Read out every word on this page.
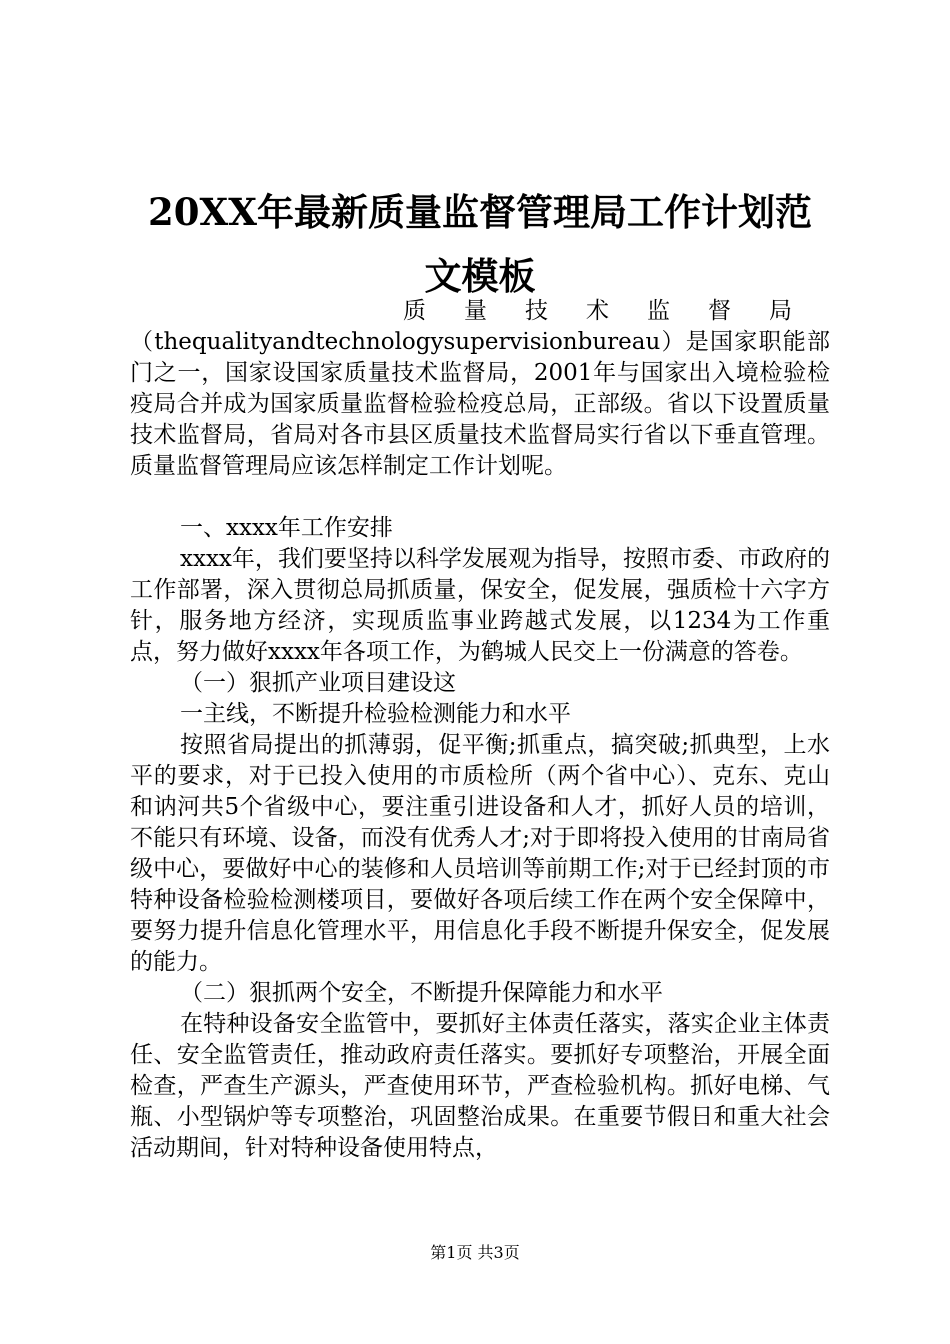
20XX年最新质量监督管理局工作计划范文模板

质量技术监督局（thequalityandtechnologysupervisionbureau）是国家职能部门之一，国家设国家质量技术监督局，2001年与国家出入境检验检疫局合并成为国家质量监督检验检疫总局，正部级。省以下设置质量技术监督局，省局对各市县区质量技术监督局实行省以下垂直管理。质量监督管理局应该怎样制定工作计划呢。

一、xxxx年工作安排

xxxx年，我们要坚持以科学发展观为指导，按照市委、市政府的工作部署，深入贯彻总局抓质量，保安全，促发展，强质检十六字方针，服务地方经济，实现质监事业跨越式发展，以1234为工作重点，努力做好xxxx年各项工作，为鹤城人民交上一份满意的答卷。

（一）狠抓产业项目建设这

一主线，不断提升检验检测能力和水平

按照省局提出的抓薄弱，促平衡;抓重点，搞突破;抓典型，上水平的要求，对于已投入使用的市质检所（两个省中心）、克东、克山和讷河共5个省级中心，要注重引进设备和人才，抓好人员的培训，不能只有环境、设备，而没有优秀人才;对于即将投入使用的甘南局省级中心，要做好中心的装修和人员培训等前期工作;对于已经封顶的市特种设备检验检测楼项目，要做好各项后续工作在两个安全保障中，要努力提升信息化管理水平，用信息化手段不断提升保安全，促发展的能力。

（二）狠抓两个安全，不断提升保障能力和水平

在特种设备安全监管中，要抓好主体责任落实，落实企业主体责任、安全监管责任，推动政府责任落实。要抓好专项整治，开展全面检查，严查生产源头，严查使用环节，严查检验机构。抓好电梯、气瓶、小型锅炉等专项整治，巩固整治成果。在重要节假日和重大社会活动期间，针对特种设备使用特点，

第1页 共3页
